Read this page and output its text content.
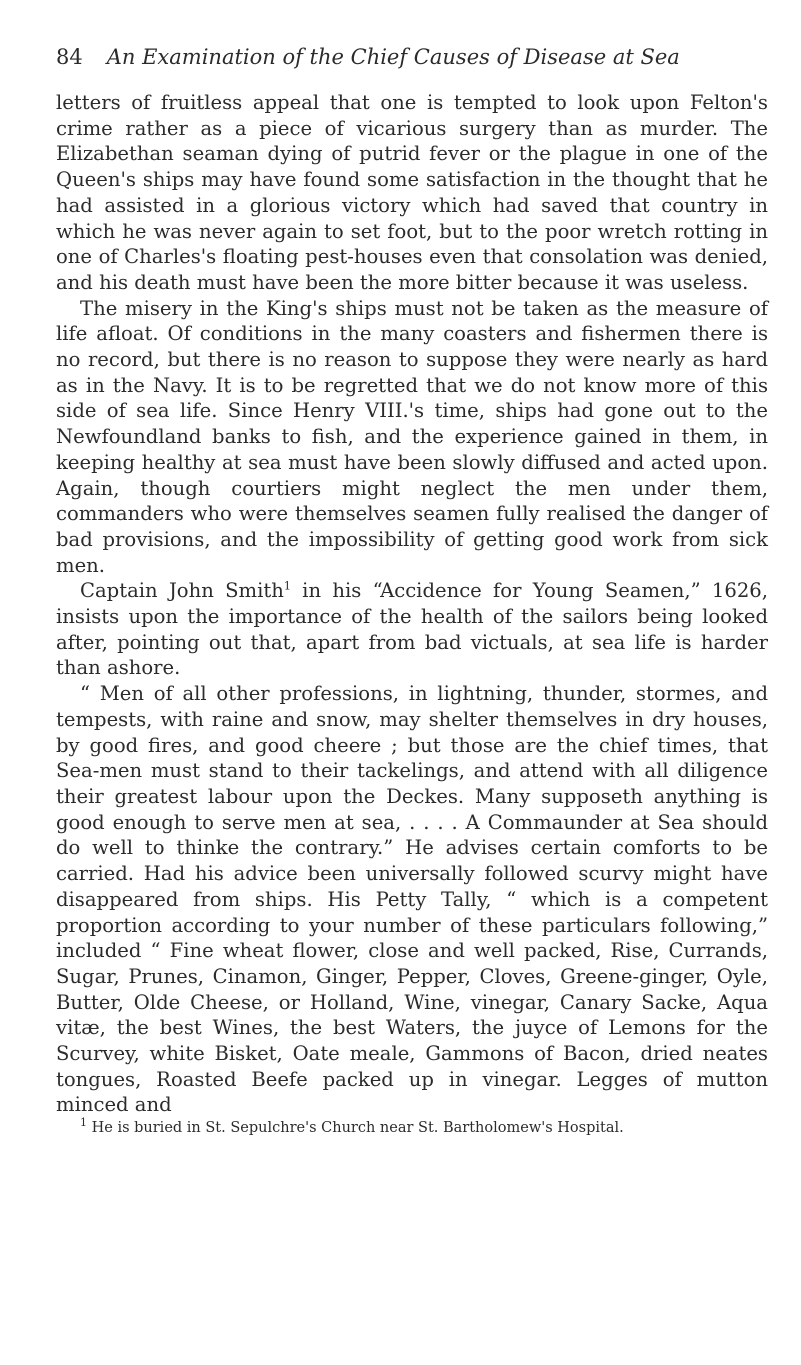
84 An Examination of the Chief Causes of Disease at Sea

letters of fruitless appeal that one is tempted to look upon Felton's crime rather as a piece of vicarious surgery than as murder. The Elizabethan seaman dying of putrid fever or the plague in one of the Queen's ships may have found some satisfaction in the thought that he had assisted in a glorious victory which had saved that country in which he was never again to set foot, but to the poor wretch rotting in one of Charles's floating pest-houses even that consolation was denied, and his death must have been the more bitter because it was useless.

The misery in the King's ships must not be taken as the measure of life afloat. Of conditions in the many coasters and fishermen there is no record, but there is no reason to suppose they were nearly as hard as in the Navy. It is to be regretted that we do not know more of this side of sea life. Since Henry VIII.'s time, ships had gone out to the Newfoundland banks to fish, and the experience gained in them, in keeping healthy at sea must have been slowly diffused and acted upon. Again, though courtiers might neglect the men under them, commanders who were themselves seamen fully realised the danger of bad provisions, and the impossibility of getting good work from sick men.

Captain John Smith$^1$ in his “Accidence for Young Seamen,” 1626, insists upon the importance of the health of the sailors being looked after, pointing out that, apart from bad victuals, at sea life is harder than ashore.

“ Men of all other professions, in lightning, thunder, stormes, and tempests, with raine and snow, may shelter themselves in dry houses, by good fires, and good cheere ; but those are the chief times, that Sea-men must stand to their tackelings, and attend with all diligence their greatest labour upon the Deckes. Many supposeth anything is good enough to serve men at sea, . . . . A Commaunder at Sea should do well to thinke the contrary.” He advises certain comforts to be carried. Had his advice been universally followed scurvy might have disappeared from ships. His Petty Tally, “ which is a competent proportion according to your number of these particulars following,” included “ Fine wheat flower, close and well packed, Rise, Currands, Sugar, Prunes, Cinamon, Ginger, Pepper, Cloves, Greene-ginger, Oyle, Butter, Olde Cheese, or Holland, Wine, vinegar, Canary Sacke, Aqua vitæ, the best Wines, the best Waters, the juyce of Lemons for the Scurvey, white Bisket, Oate meale, Gammons of Bacon, dried neates tongues, Roasted Beefe packed up in vinegar. Legges of mutton minced and

$^1$ He is buried in St. Sepulchre's Church near St. Bartholomew's Hospital.
